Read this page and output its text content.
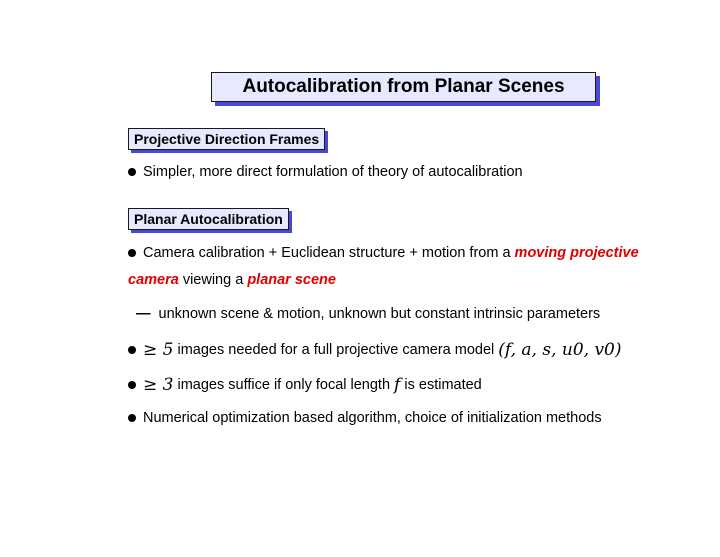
Autocalibration from Planar Scenes
Projective Direction Frames
Simpler, more direct formulation of theory of autocalibration
Planar Autocalibration
Camera calibration + Euclidean structure + motion from a
moving projective
camera
viewing a
planar scene
— unknown scene & motion, unknown but constant intrinsic parameters
≥ 5
images needed for a full projective camera model
(f, a, s, u0, v0)
≥ 3
images suffice if only focal length
f
is estimated
Numerical optimization based algorithm, choice of initialization methods
